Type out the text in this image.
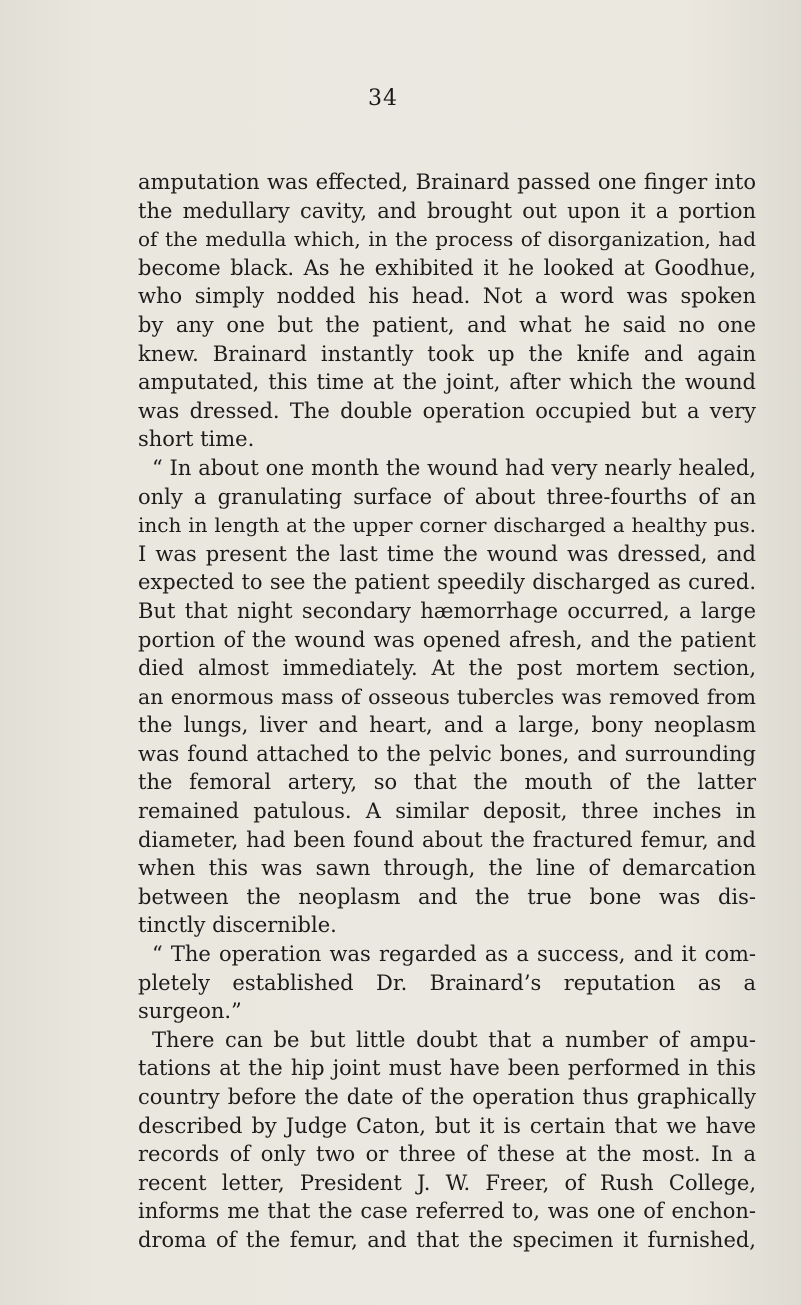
34
amputation was effected, Brainard passed one finger into
the medullary cavity, and brought out upon it a portion
of the medulla which, in the process of disorganization, had
become black. As he exhibited it he looked at Goodhue,
who simply nodded his head. Not a word was spoken
by any one but the patient, and what he said no one
knew. Brainard instantly took up the knife and again
amputated, this time at the joint, after which the wound
was dressed. The double operation occupied but a very
short time.
“ In about one month the wound had very nearly healed,
only a granulating surface of about three-fourths of an
inch in length at the upper corner discharged a healthy pus.
I was present the last time the wound was dressed, and
expected to see the patient speedily discharged as cured.
But that night secondary hæmorrhage occurred, a large
portion of the wound was opened afresh, and the patient
died almost immediately. At the post mortem section,
an enormous mass of osseous tubercles was removed from
the lungs, liver and heart, and a large, bony neoplasm
was found attached to the pelvic bones, and surrounding
the femoral artery, so that the mouth of the latter
remained patulous. A similar deposit, three inches in
diameter, had been found about the fractured femur, and
when this was sawn through, the line of demarcation
between the neoplasm and the true bone was dis-
tinctly discernible.
“ The operation was regarded as a success, and it com-
pletely established Dr. Brainard’s reputation as a
surgeon.”
There can be but little doubt that a number of ampu-
tations at the hip joint must have been performed in this
country before the date of the operation thus graphically
described by Judge Caton, but it is certain that we have
records of only two or three of these at the most. In a
recent letter, President J. W. Freer, of Rush College,
informs me that the case referred to, was one of enchon-
droma of the femur, and that the specimen it furnished,
